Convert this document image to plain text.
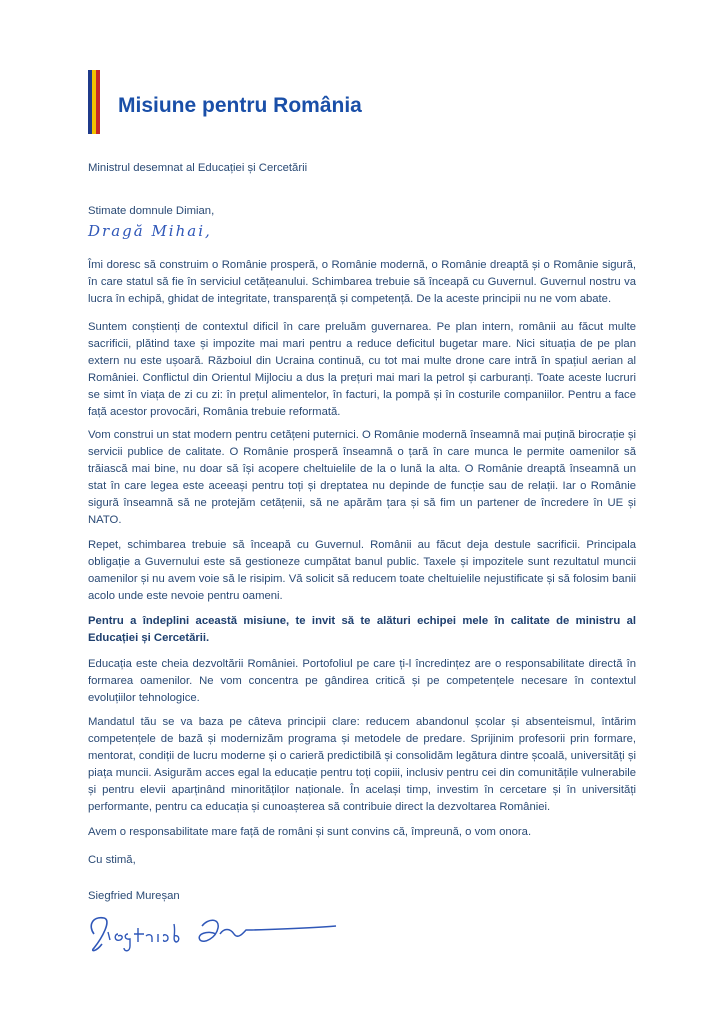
Misiune pentru România
Ministrul desemnat al Educației și Cercetării
Stimate domnule Dimian,
Dragă Mihai,
Îmi doresc să construim o Românie prosperă, o Românie modernă, o Românie dreaptă și o Românie sigură, în care statul să fie în serviciul cetățeanului. Schimbarea trebuie să înceapă cu Guvernul. Guvernul nostru va lucra în echipă, ghidat de integritate, transparență și competență. De la aceste principii nu ne vom abate.
Suntem conștienți de contextul dificil în care preluăm guvernarea. Pe plan intern, românii au făcut multe sacrificii, plătind taxe și impozite mai mari pentru a reduce deficitul bugetar mare. Nici situația de pe plan extern nu este ușoară. Războiul din Ucraina continuă, cu tot mai multe drone care intră în spațiul aerian al României. Conflictul din Orientul Mijlociu a dus la prețuri mai mari la petrol și carburanți. Toate aceste lucruri se simt în viața de zi cu zi: în prețul alimentelor, în facturi, la pompă și în costurile companiilor. Pentru a face față acestor provocări, România trebuie reformată.
Vom construi un stat modern pentru cetățeni puternici. O Românie modernă înseamnă mai puțină birocrație și servicii publice de calitate. O Românie prosperă înseamnă o țară în care munca le permite oamenilor să trăiască mai bine, nu doar să își acopere cheltuielile de la o lună la alta. O Românie dreaptă înseamnă un stat în care legea este aceeași pentru toți și dreptatea nu depinde de funcție sau de relații. Iar o Românie sigură înseamnă să ne protejăm cetățenii, să ne apărăm țara și să fim un partener de încredere în UE și NATO.
Repet, schimbarea trebuie să înceapă cu Guvernul. Românii au făcut deja destule sacrificii. Principala obligație a Guvernului este să gestioneze cumpătat banul public. Taxele și impozitele sunt rezultatul muncii oamenilor și nu avem voie să le risipim. Vă solicit să reducem toate cheltuielile nejustificate și să folosim banii acolo unde este nevoie pentru oameni.
Pentru a îndeplini această misiune, te invit să te alături echipei mele în calitate de ministru al Educației și Cercetării.
Educația este cheia dezvoltării României. Portofoliul pe care ți-l încredințez are o responsabilitate directă în formarea oamenilor. Ne vom concentra pe gândirea critică și pe competențele necesare în contextul evoluțiilor tehnologice.
Mandatul tău se va baza pe câteva principii clare: reducem abandonul școlar și absenteismul, întărim competențele de bază și modernizăm programa și metodele de predare. Sprijinim profesorii prin formare, mentorat, condiții de lucru moderne și o carieră predictibilă și consolidăm legătura dintre școală, universități și piața muncii. Asigurăm acces egal la educație pentru toți copiii, inclusiv pentru cei din comunitățile vulnerabile și pentru elevii aparținând minorităților naționale. În același timp, investim în cercetare și în universități performante, pentru ca educația și cunoașterea să contribuie direct la dezvoltarea României.
Avem o responsabilitate mare față de români și sunt convins că, împreună, o vom onora.
Cu stimă,
Siegfried Mureșan
Siegfried Mureșan
